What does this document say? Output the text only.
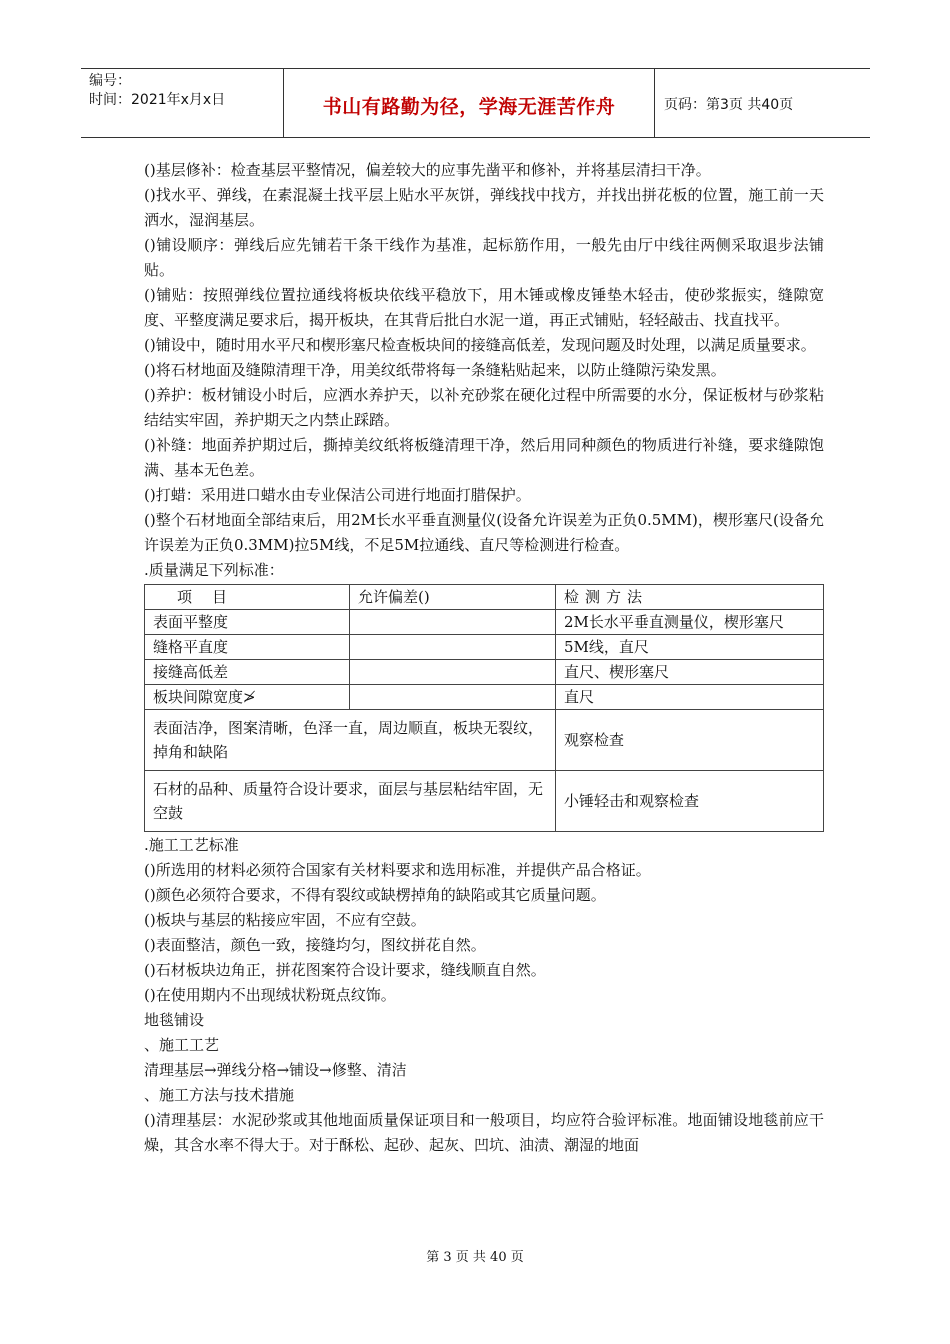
编号：
时间：2021年x月x日	书山有路勤为径，学海无涯苦作舟	页码：第3页 共40页

()基层修补：检查基层平整情况，偏差较大的应事先凿平和修补，并将基层清扫干净。

()找水平、弹线，在素混凝土找平层上贴水平灰饼，弹线找中找方，并找出拼花板的位置，施工前一天洒水，湿润基层。

()铺设顺序：弹线后应先铺若干条干线作为基准，起标筋作用，一般先由厅中线往两侧采取退步法铺贴。

()铺贴：按照弹线位置拉通线将板块依线平稳放下，用木锤或橡皮锤垫木轻击，使砂浆振实，缝隙宽度、平整度满足要求后，揭开板块，在其背后批白水泥一道，再正式铺贴，轻轻敲击、找直找平。

()铺设中，随时用水平尺和楔形塞尺检查板块间的接缝高低差，发现问题及时处理，以满足质量要求。

()将石材地面及缝隙清理干净，用美纹纸带将每一条缝粘贴起来，以防止缝隙污染发黑。

()养护：板材铺设小时后，应洒水养护天，以补充砂浆在硬化过程中所需要的水分，保证板材与砂浆粘结结实牢固，养护期天之内禁止踩踏。

()补缝：地面养护期过后，撕掉美纹纸将板缝清理干净，然后用同种颜色的物质进行补缝，要求缝隙饱满、基本无色差。

()打蜡：采用进口蜡水由专业保洁公司进行地面打腊保护。

()整个石材地面全部结束后，用2M长水平垂直测量仪(设备允许误差为正负0.5MM)，楔形塞尺(设备允许误差为正负0.3MM)拉5M线，不足5M拉通线、直尺等检测进行检查。

.质量满足下列标准：

项目	允许偏差()	检测方法
表面平整度		2M长水平垂直测量仪，楔形塞尺
缝格平直度		5M线，直尺
接缝高低差		直尺、楔形塞尺
板块间隙宽度≯		直尺
表面洁净，图案清晰，色泽一直，周边顺直，板块无裂纹，掉角和缺陷		观察检查
石材的品种、质量符合设计要求，面层与基层粘结牢固，无空鼓		小锤轻击和观察检查

.施工工艺标准

()所选用的材料必须符合国家有关材料要求和选用标准，并提供产品合格证。

()颜色必须符合要求，不得有裂纹或缺楞掉角的缺陷或其它质量问题。

()板块与基层的粘接应牢固，不应有空鼓。

()表面整洁，颜色一致，接缝均匀，图纹拼花自然。

()石材板块边角正，拼花图案符合设计要求，缝线顺直自然。

()在使用期内不出现绒状粉斑点纹饰。

地毯铺设

、施工工艺

清理基层→弹线分格→铺设→修整、清洁

、施工方法与技术措施

()清理基层：水泥砂浆或其他地面质量保证项目和一般项目，均应符合验评标准。地面铺设地毯前应干燥，其含水率不得大于。对于酥松、起砂、起灰、凹坑、油渍、潮湿的地面

第 3 页 共 40 页
